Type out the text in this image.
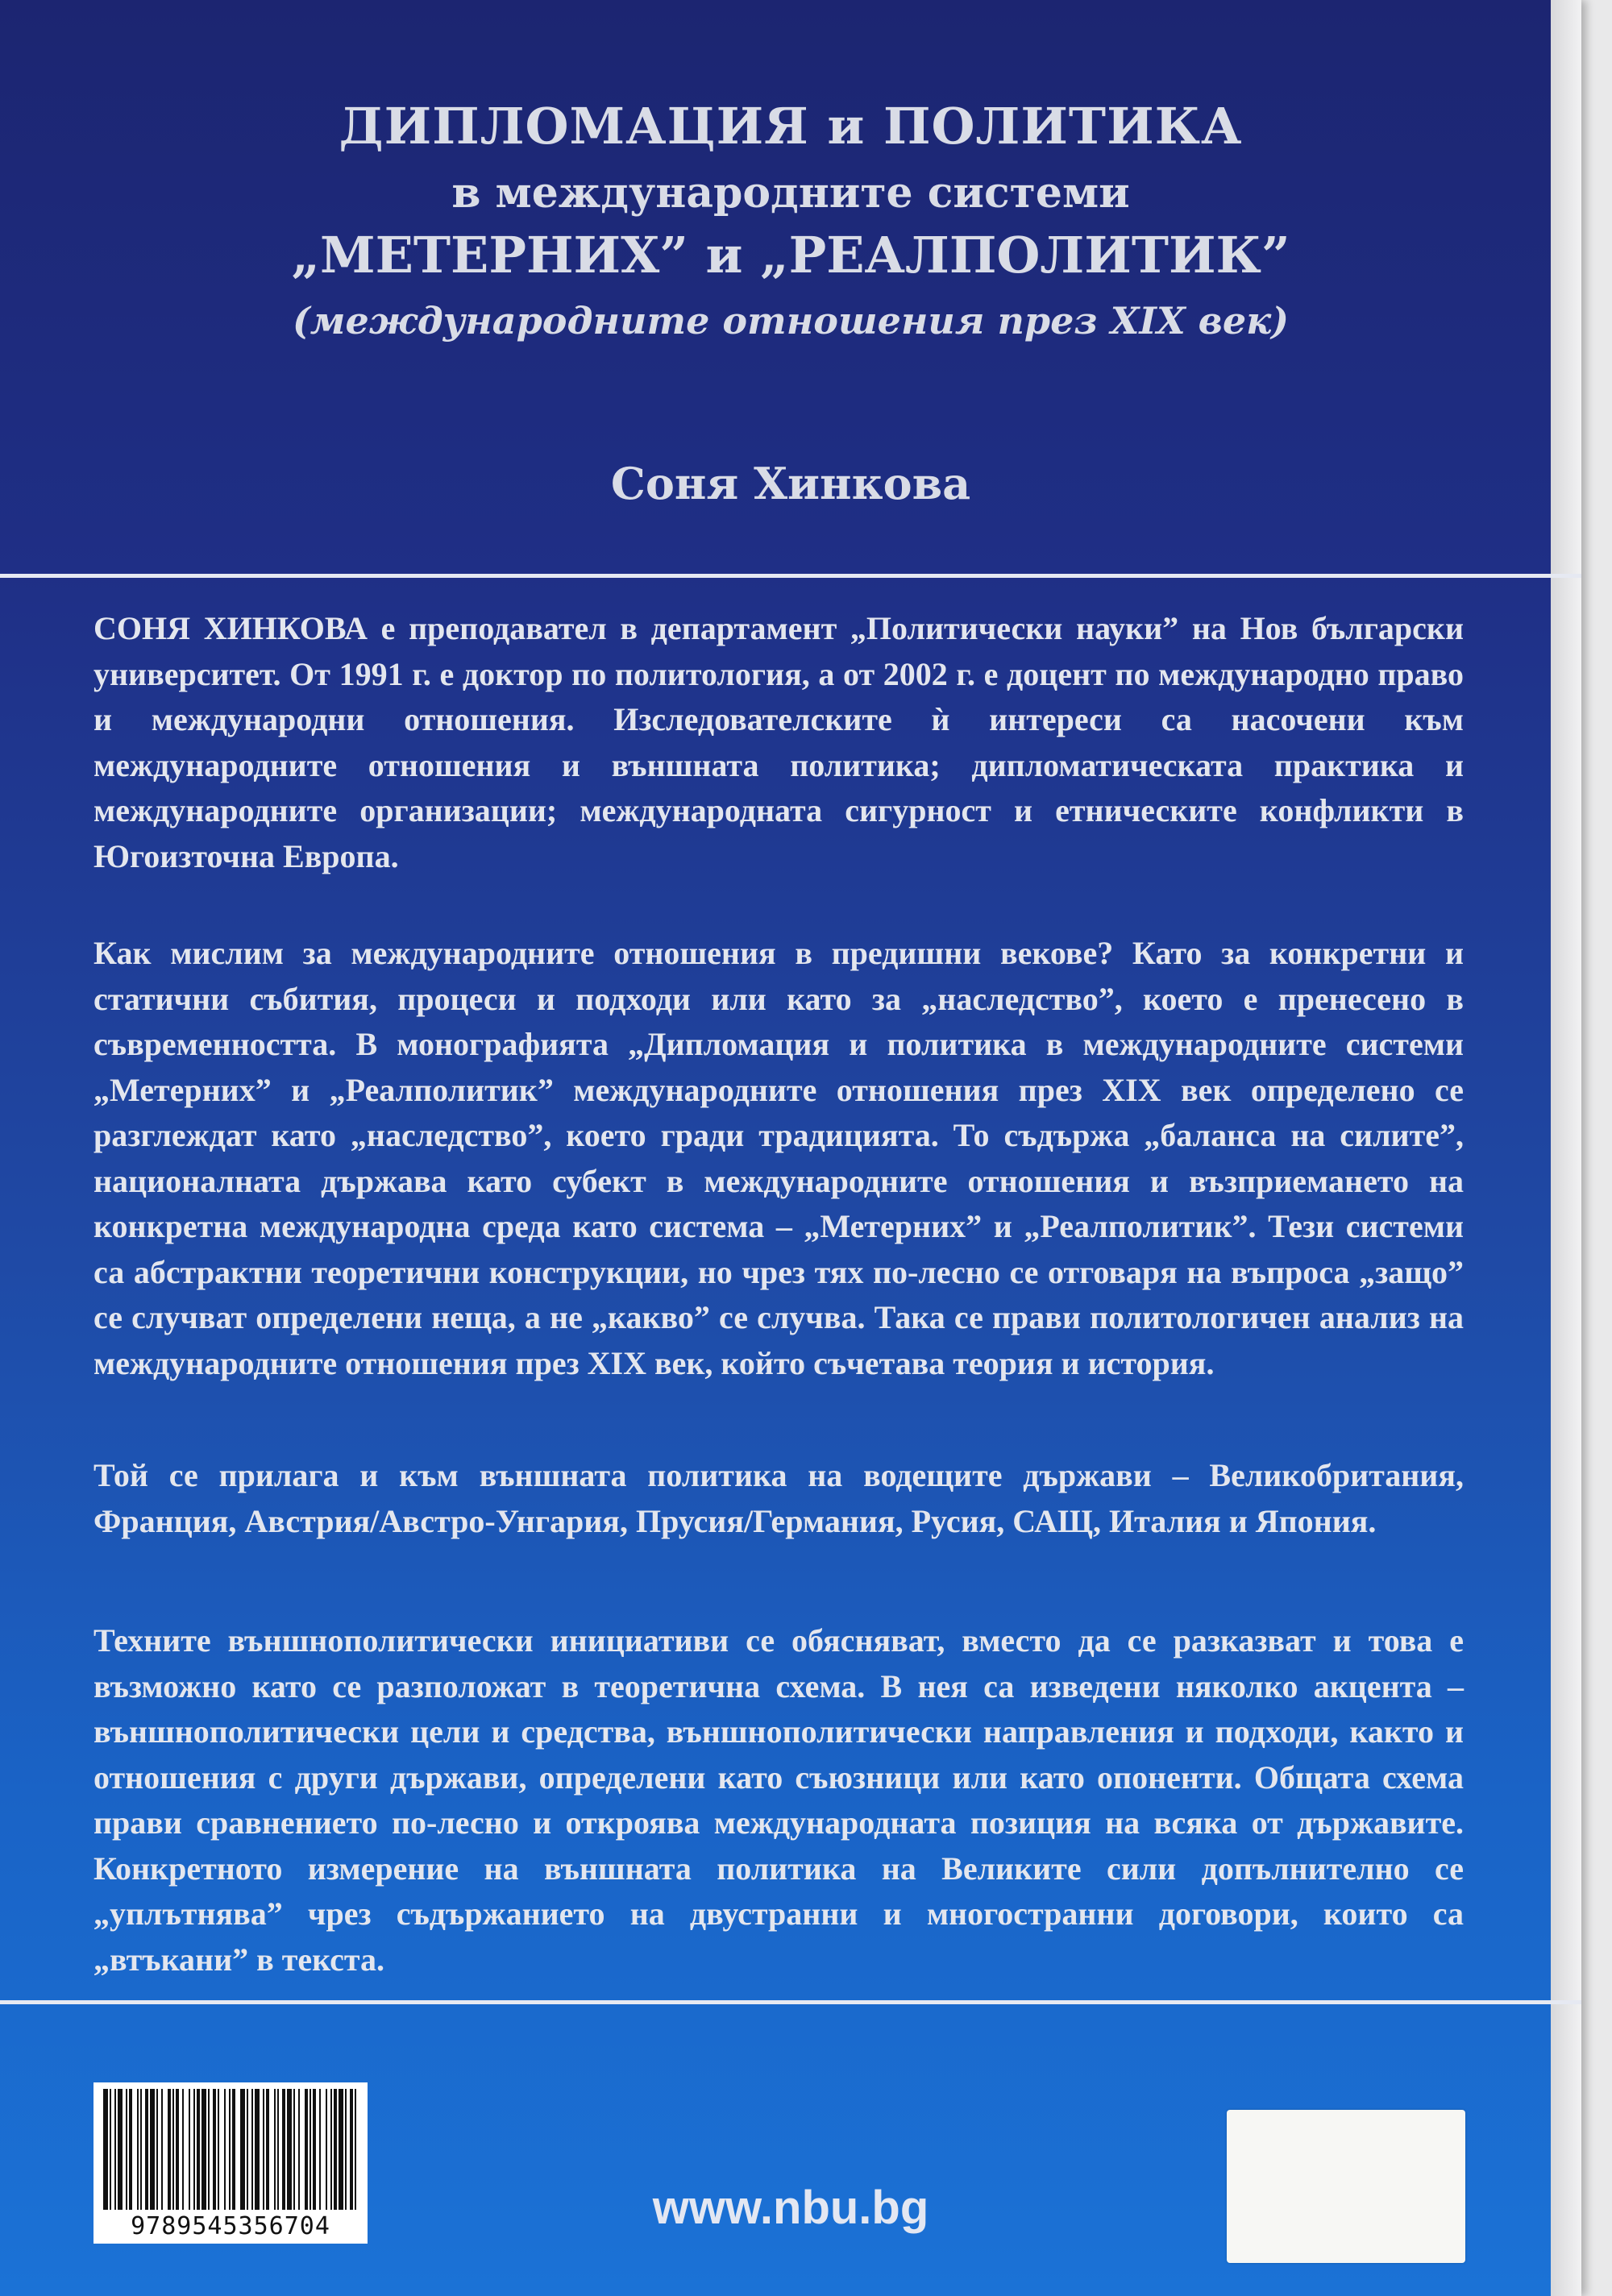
ДИПЛОМАЦИЯ и ПОЛИТИКА
в международните системи
„МЕТЕРНИХ” и „РЕАЛПОЛИТИК”
(международните отношения през XIX век)
Соня Хинкова

СОНЯ ХИНКОВА е преподавател в департамент „Политически науки” на Нов български университет. От 1991 г. е доктор по политология, а от 2002 г. е доцент по международно право и международни отношения. Изследователските ѝ интереси са насочени към международните отношения и външната политика; дипломатическата практика и международните организации; международната сигурност и етническите конфликти в Югоизточна Европа.

Как мислим за международните отношения в предишни векове? Като за конкретни и статични събития, процеси и подходи или като за „наследство”, което е пренесено в съвременността. В монографията „Дипломация и политика в международните системи „Метерних” и „Реалполитик” международните отношения през XIX век определено се разглеждат като „наследство”, което гради традицията. То съдържа „баланса на силите”, националната държава като субект в международните отношения и възприемането на конкретна международна среда като система – „Метерних” и „Реалполитик”. Тези системи са абстрактни теоретични конструкции, но чрез тях по-лесно се отговаря на въпроса „защо” се случват определени неща, а не „какво” се случва. Така се прави политологичен анализ на международните отношения през XIX век, който съчетава теория и история.

Той се прилага и към външната политика на водещите държави – Великобритания, Франция, Австрия/Австро-Унгария, Прусия/Германия, Русия, САЩ, Италия и Япония.

Техните външнополитически инициативи се обясняват, вместо да се разказват и това е възможно като се разположат в теоретична схема. В нея са изведени няколко акцента – външнополитически цели и средства, външнополитически направления и подходи, както и отношения с други държави, определени като съюзници или като опоненти. Общата схема прави сравнението по-лесно и откроява международната позиция на всяка от държавите. Конкретното измерение на външната политика на Великите сили допълнително се „уплътнява” чрез съдържанието на двустранни и многостранни договори, които са „втъкани” в текста.

9789545356704	www.nbu.bg
